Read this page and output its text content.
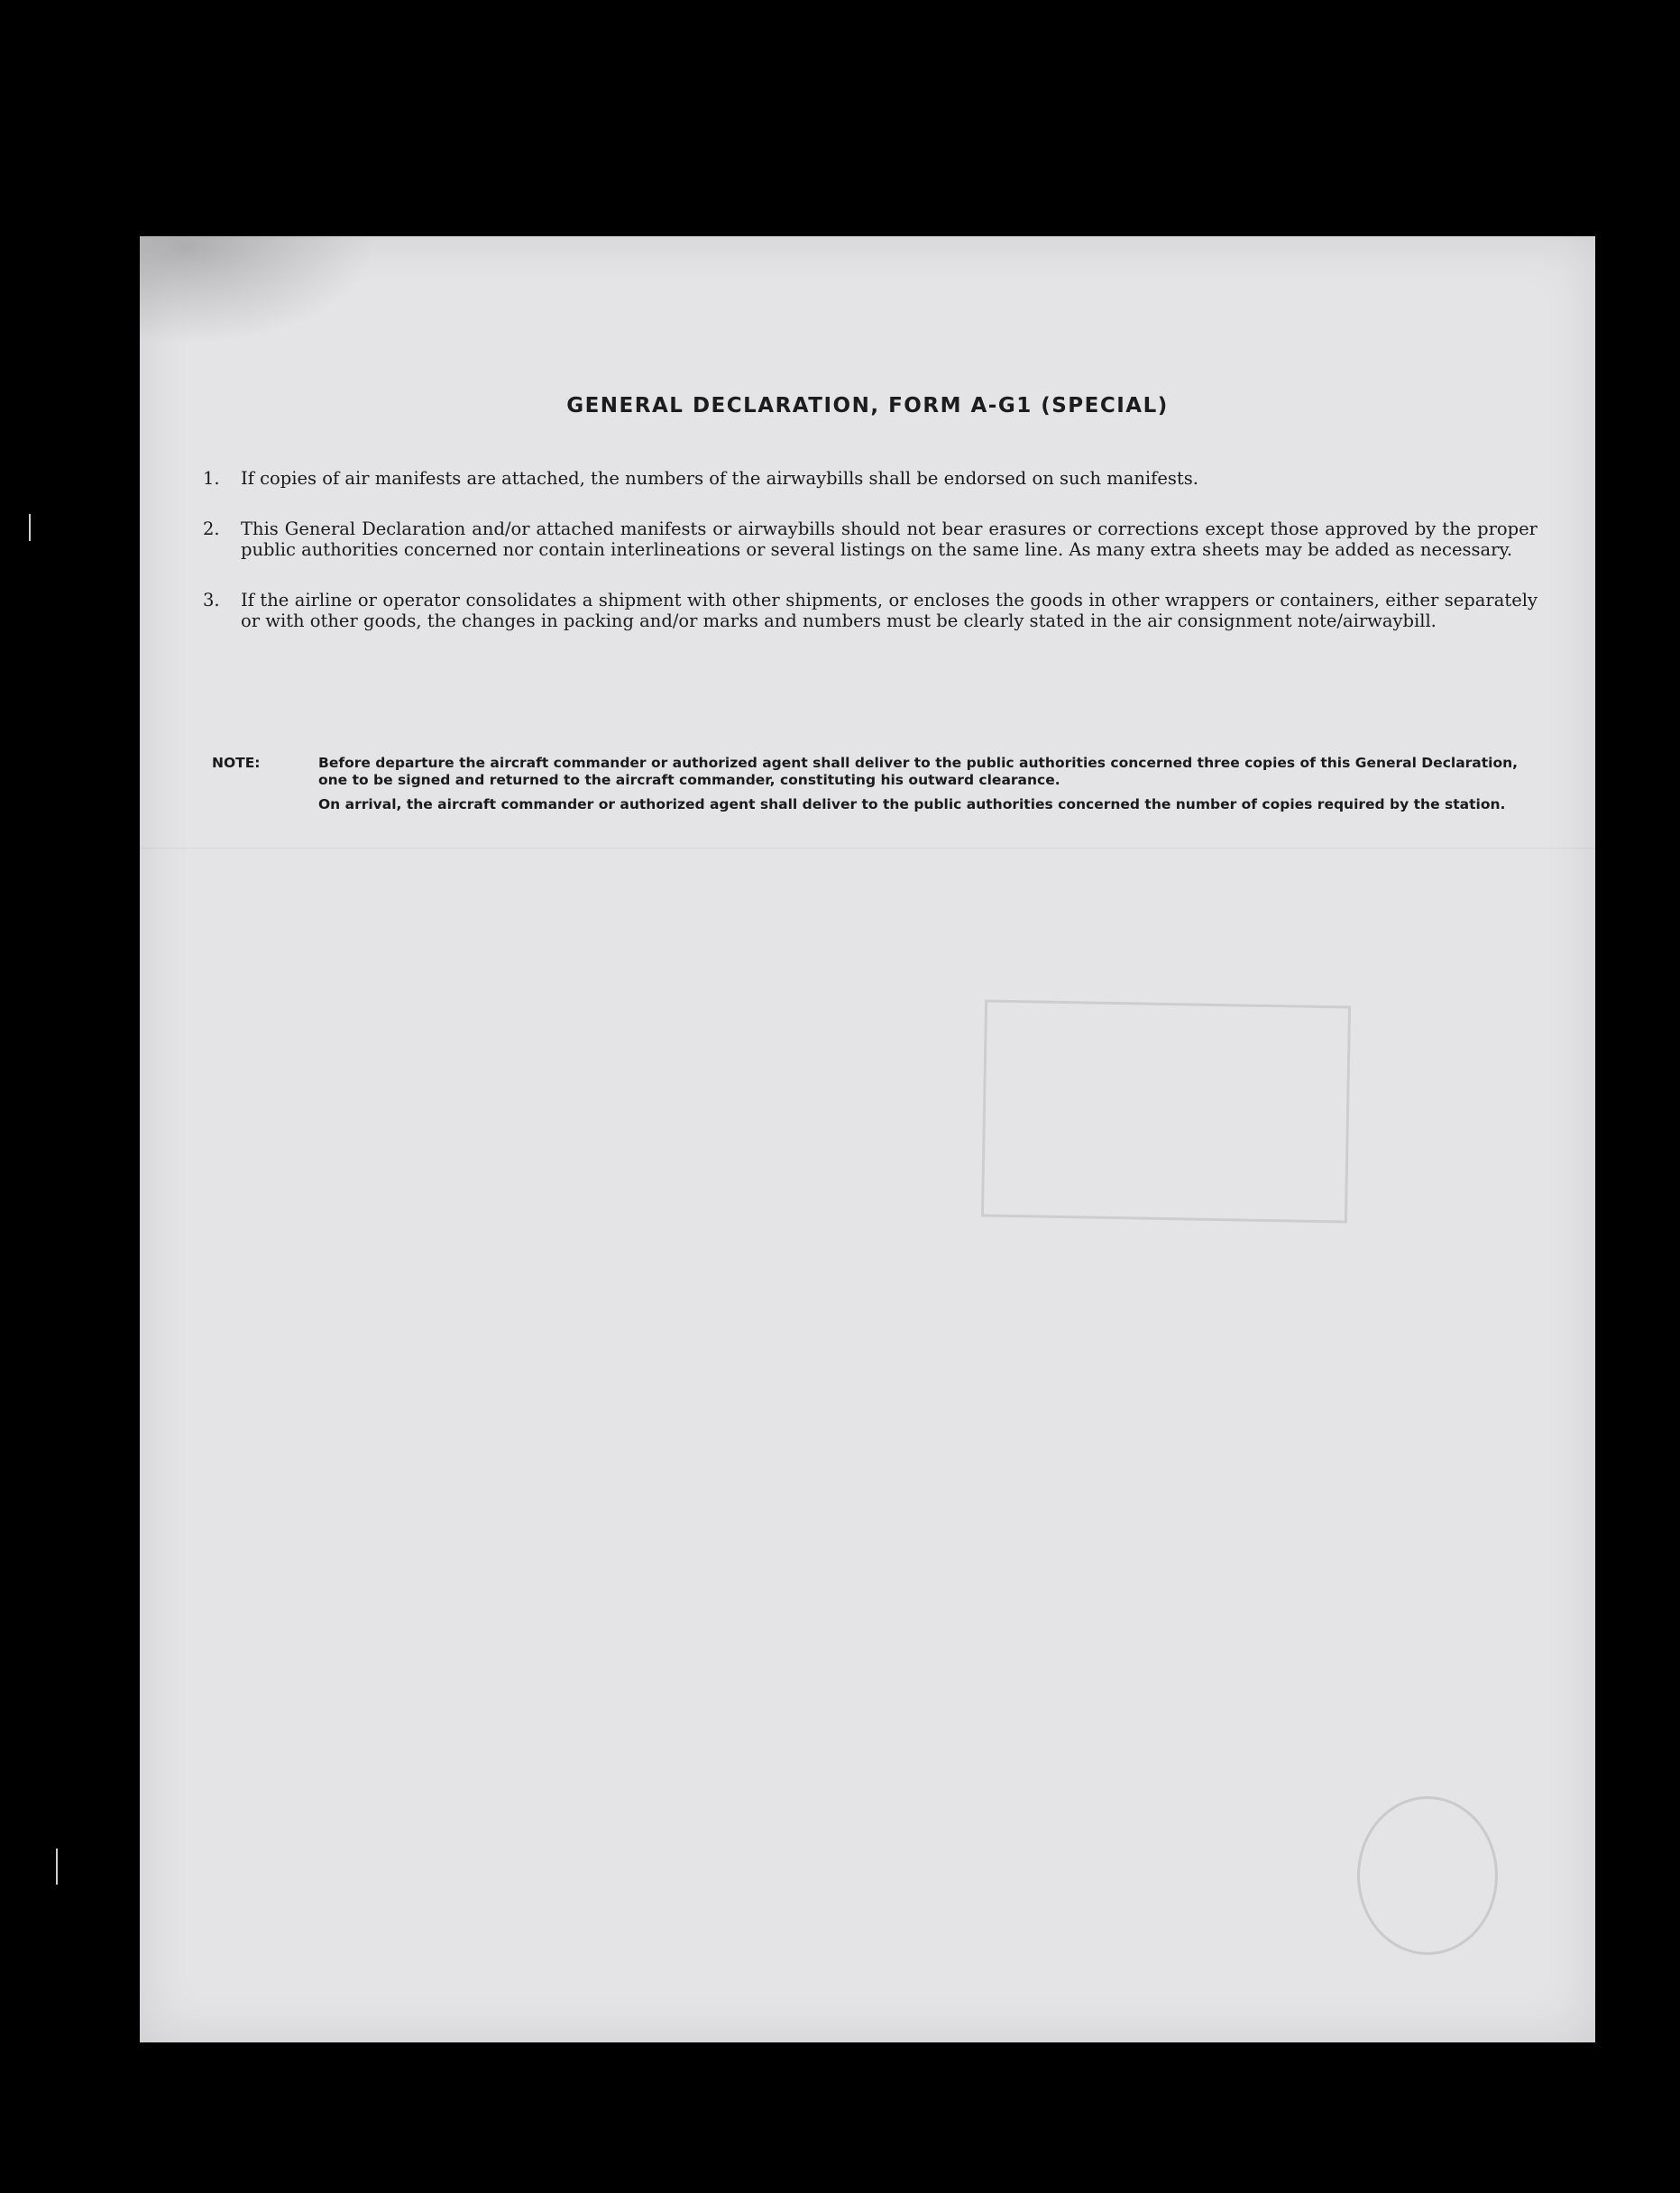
GENERAL DECLARATION, FORM A-G1 (SPECIAL)
1.	If copies of air manifests are attached, the numbers of the airwaybills shall be endorsed on such manifests.
2.	This General Declaration and/or attached manifests or airwaybills should not bear erasures or corrections except those approved by the proper public authorities concerned nor contain interlineations or several listings on the same line. As many extra sheets may be added as necessary.
3.	If the airline or operator consolidates a shipment with other shipments, or encloses the goods in other wrappers or containers, either separately or with other goods, the changes in packing and/or marks and numbers must be clearly stated in the air consignment note/airwaybill.
NOTE:	Before departure the aircraft commander or authorized agent shall deliver to the public authorities concerned three copies of this General Declaration, one to be signed and returned to the aircraft commander, constituting his outward clearance.

On arrival, the aircraft commander or authorized agent shall deliver to the public authorities concerned the number of copies required by the station.
